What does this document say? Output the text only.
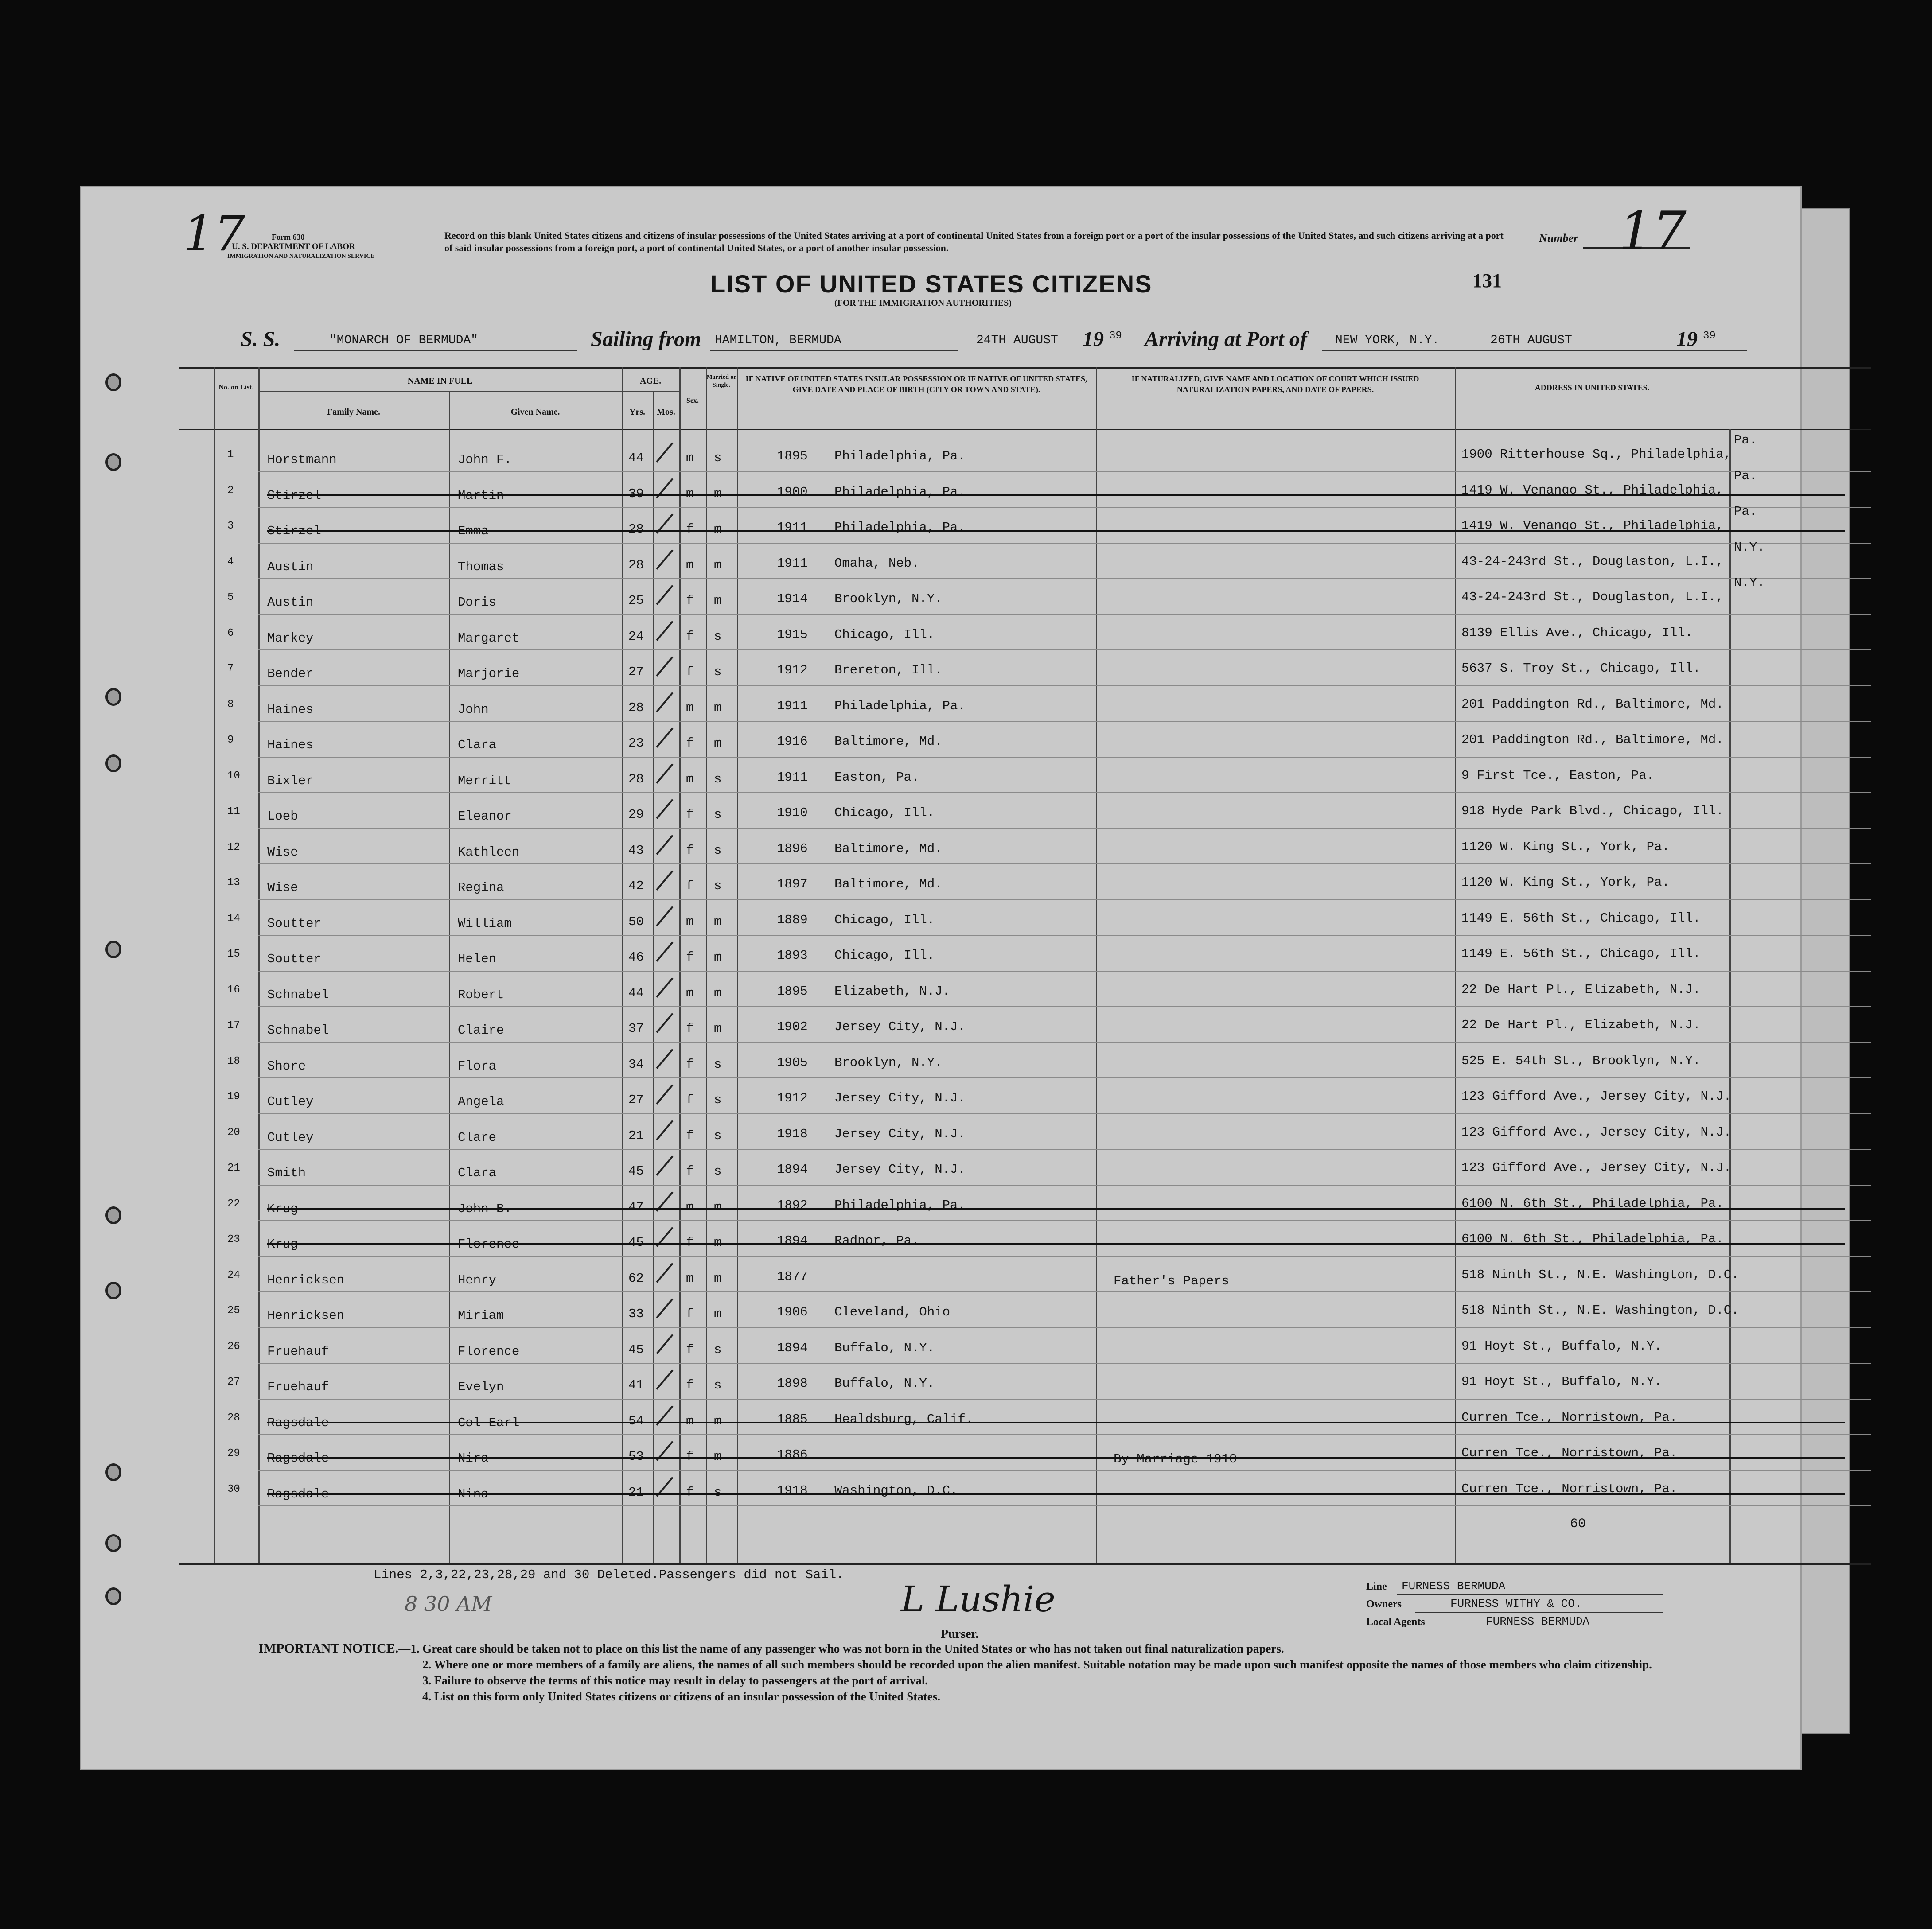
17	Form 630
U. S. DEPARTMENT OF LABOR
IMMIGRATION AND NATURALIZATION SERVICE
Record on this blank United States citizens and citizens of insular possessions of the United States arriving at a port of continental United States from a foreign port or a port of the insular possessions of the United States, and such citizens arriving at a port of said insular possessions from a foreign port, a port of continental United States, or a port of another insular possession.
Number 17
131
LIST OF UNITED STATES CITIZENS
(FOR THE IMMIGRATION AUTHORITIES)
S. S.	"MONARCH OF BERMUDA"	Sailing from HAMILTON, BERMUDA	24TH AUGUST 19 39 Arriving at Port of NEW YORK, N.Y.	26TH AUGUST	19 39
No. on List.
NAME IN FULL
Family Name.	Given Name.
AGE.
Yrs.	Mos.
Sex.
Married or Single.
IF NATIVE OF UNITED STATES INSULAR POSSESSION OR IF NATIVE OF UNITED STATES, GIVE DATE AND PLACE OF BIRTH (CITY OR TOWN AND STATE).
IF NATURALIZED, GIVE NAME AND LOCATION OF COURT WHICH ISSUED NATURALIZATION PAPERS, AND DATE OF PAPERS.	ADDRESS IN UNITED STATES.
1	Horstmann	John F.	44	m s	1895 Philadelphia, Pa.	1900 Ritterhouse Sq., Philadelphia,
Pa.
2	Stirzel	Martin	39	m m	1900 Philadelphia, Pa.	1419 W. Venango St., Philadelphia,
Pa.
3	Stirzel	Emma	28	f m	1911 Philadelphia, Pa.	1419 W. Venango St., Philadelphia,
Pa.
4	Austin	Thomas	28	m m	1911 Omaha, Neb.	43-24-243rd St., Douglaston, L.I.,
N.Y.
5	Austin	Doris	25	f m	1914 Brooklyn, N.Y.	43-24-243rd St., Douglaston, L.I.,
N.Y.
6	Markey	Margaret	24	f s	1915 Chicago, Ill.	8139 Ellis Ave., Chicago, Ill.
7	Bender	Marjorie	27	f s	1912 Brereton, Ill.	5637 S. Troy St., Chicago, Ill.
8	Haines	John	28	m m	1911 Philadelphia, Pa.	201 Paddington Rd., Baltimore, Md.
9	Haines	Clara	23	f m	1916 Baltimore, Md.	201 Paddington Rd., Baltimore, Md.
10 Bixler	Merritt	28	m s	1911 Easton, Pa.	9 First Tce., Easton, Pa.
11 Loeb	Eleanor	29	f s	1910 Chicago, Ill.	918 Hyde Park Blvd., Chicago, Ill.
12 Wise	Kathleen	43	f s	1896 Baltimore, Md.	1120 W. King St., York, Pa.
13 Wise	Regina	42	f s	1897 Baltimore, Md.	1120 W. King St., York, Pa.
14 Soutter	William	50	m m	1889 Chicago, Ill.	1149 E. 56th St., Chicago, Ill.
15 Soutter	Helen	46	f m	1893 Chicago, Ill.	1149 E. 56th St., Chicago, Ill.
16 Schnabel	Robert	44	m m	1895 Elizabeth, N.J.	22 De Hart Pl., Elizabeth, N.J.
17 Schnabel	Claire	37	f m	1902 Jersey City, N.J.	22 De Hart Pl., Elizabeth, N.J.
18 Shore	Flora	34	f s	1905 Brooklyn, N.Y.	525 E. 54th St., Brooklyn, N.Y.
19 Cutley	Angela	27	f s	1912 Jersey City, N.J.	123 Gifford Ave., Jersey City, N.J.
20 Cutley	Clare	21	f s	1918 Jersey City, N.J.	123 Gifford Ave., Jersey City, N.J.
21 Smith	Clara	45	f s	1894 Jersey City, N.J.	123 Gifford Ave., Jersey City, N.J.
22 Krug	John B.	47	m m	1892 Philadelphia, Pa.	6100 N. 6th St., Philadelphia, Pa.
23 Krug	Florence	45	f m	1894 Radnor, Pa.	6100 N. 6th St., Philadelphia, Pa.
24 Henricksen	Henry	62	m m	1877	Father's Papers	518 Ninth St., N.E. Washington, D.C.
25 Henricksen	Miriam	33	f m	1906 Cleveland, Ohio	518 Ninth St., N.E. Washington, D.C.
26 Fruehauf	Florence	45	f s	1894 Buffalo, N.Y.	91 Hoyt St., Buffalo, N.Y.
27 Fruehauf	Evelyn	41	f s	1898 Buffalo, N.Y.	91 Hoyt St., Buffalo, N.Y.
28 Ragsdale	Col Earl	54	m m	1885 Healdsburg, Calif.	Curren Tce., Norristown, Pa.
29 Ragsdale	Nira	53	f m	1886	By Marriage 1910	Curren Tce., Norristown, Pa.
30 Ragsdale	Nina	21	f s	1918 Washington, D.C.	Curren Tce., Norristown, Pa.
60
Lines 2,3,22,23,28,29 and 30 Deleted.Passengers did not Sail.
8 30 AM	L Lushie
Purser.
Line FURNESS BERMUDA
Owners	FURNESS WITHY & CO.
Local Agents	FURNESS BERMUDA
IMPORTANT NOTICE.—1. Great care should be taken not to place on this list the name of any passenger who was not born in the United States or who has not taken out final naturalization papers.
2. Where one or more members of a family are aliens, the names of all such members should be recorded upon the alien manifest. Suitable notation may be made upon such manifest opposite the names of those members who claim citizenship.
3. Failure to observe the terms of this notice may result in delay to passengers at the port of arrival.
4. List on this form only United States citizens or citizens of an insular possession of the United States.
